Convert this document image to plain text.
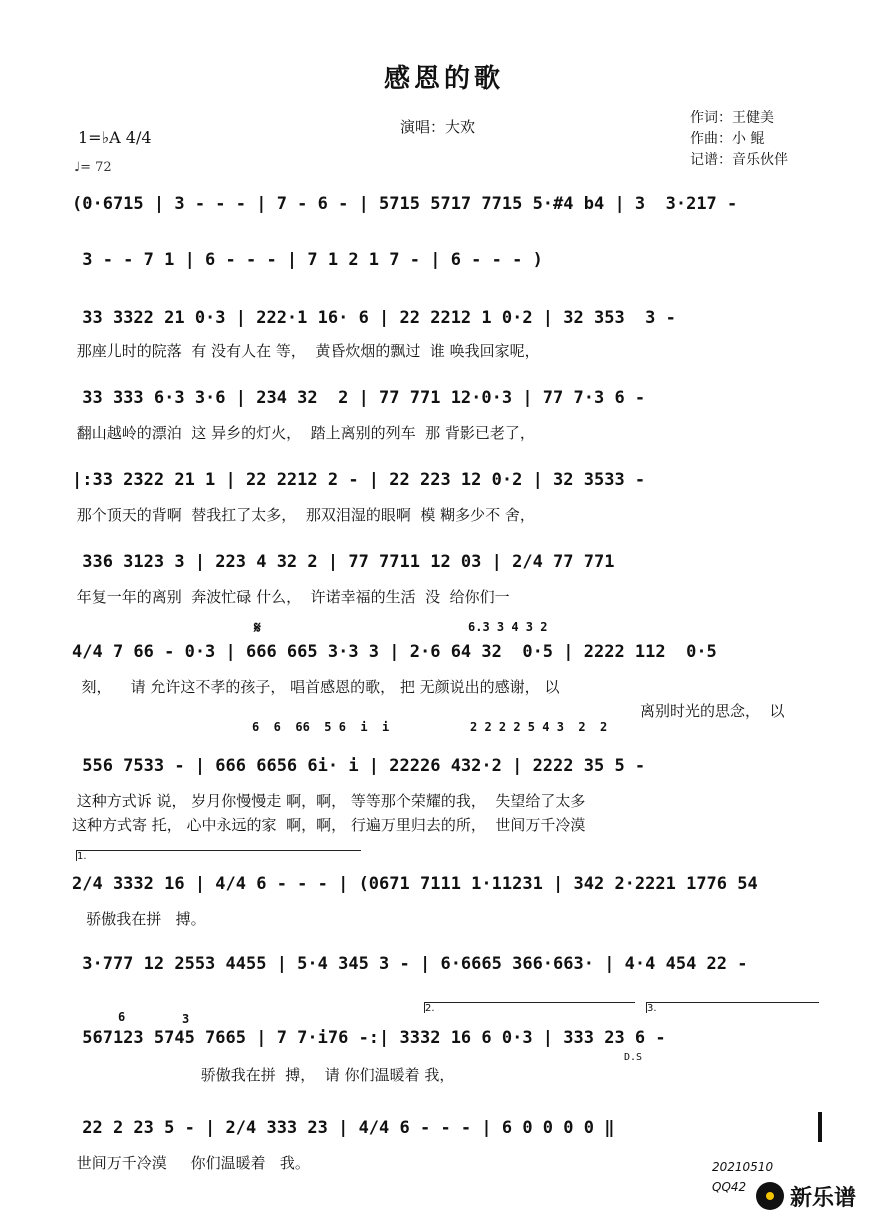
感恩的歌
1=♭A 4/4
♩= 72
演唱：大欢	作词：王健美
作曲：小 鲲
记谱：音乐伙伴
(0·6715 | 3 - - - | 7 - 6 - | 5715 5717 7715 5·#4 b4 | 3  3·217 -
3 - - 7 1 | 6 - - - | 7 1 2 1 7 - | 6 - - - )
33 3322 21 0·3 | 222·1 16· 6 | 22 2212 1 0·2 | 32 353  3 -
那座儿时的院落  有 没有人在 等，  黄昏炊烟的飘过  谁 唤我回家呢，
33 333 6·3 3·6 | 234 32  2 | 77 771 12·0·3 | 77 7·3 6 -
翻山越岭的漂泊  这 异乡的灯火，  踏上离别的列车  那 背影已老了，
|:33 2322 21 1 | 22 2212 2 - | 22 223 12 0·2 | 32 3533 -
那个顶天的背啊  替我扛了太多，  那双泪湿的眼啊  模 糊多少不 舍，
336 3123 3 | 223 4 32 2 | 77 7711 12 03 | 2/4 77 771
年复一年的离别  奔波忙碌 什么，  许诺幸福的生活  没  给你们一
6.3 3 4 3 2
𝄋
4/4 7 66 - 0·3 | 666 665 3·3 3 | 2·6 64 32  0·5 | 2222 112  0·5
刻，    请 允许这不孝的孩子， 唱首感恩的歌， 把 无颜说出的感谢， 以
离别时光的思念，  以
6  6  66  5 6  i  i	2 2 2 2 5 4 3  2  2
556 7533 - | 666 6656 6i· i | 22226 432·2 | 2222 35 5 -
这种方式诉 说， 岁月你慢慢走 啊，啊， 等等那个荣耀的我，  失望给了太多
这种方式寄 托， 心中永远的家  啊，啊， 行遍万里归去的所，  世间万千冷漠
1.
2/4 3332 16 | 4/4 6 - - - | (0671 7111 1·11231 | 342 2·2221 1776 54
骄傲我在拼   搏。
3·777 12 2553 4455 | 5·4 345 3 - | 6·6665 366·663· | 4·4 454 22 -
6	3
2.	3.
567123 5745 7665 | 7 7·i76 -:| 3332 16 6 0·3 | 333 23 6 -
D.S
骄傲我在拼  搏，  请 你们温暖着 我，
22 2 23 5 - | 2/4 333 23 | 4/4 6 - - - | 6 0 0 0 0 ‖
世间万千冷漠     你们温暖着   我。	20210510
QQ42 新乐谱
